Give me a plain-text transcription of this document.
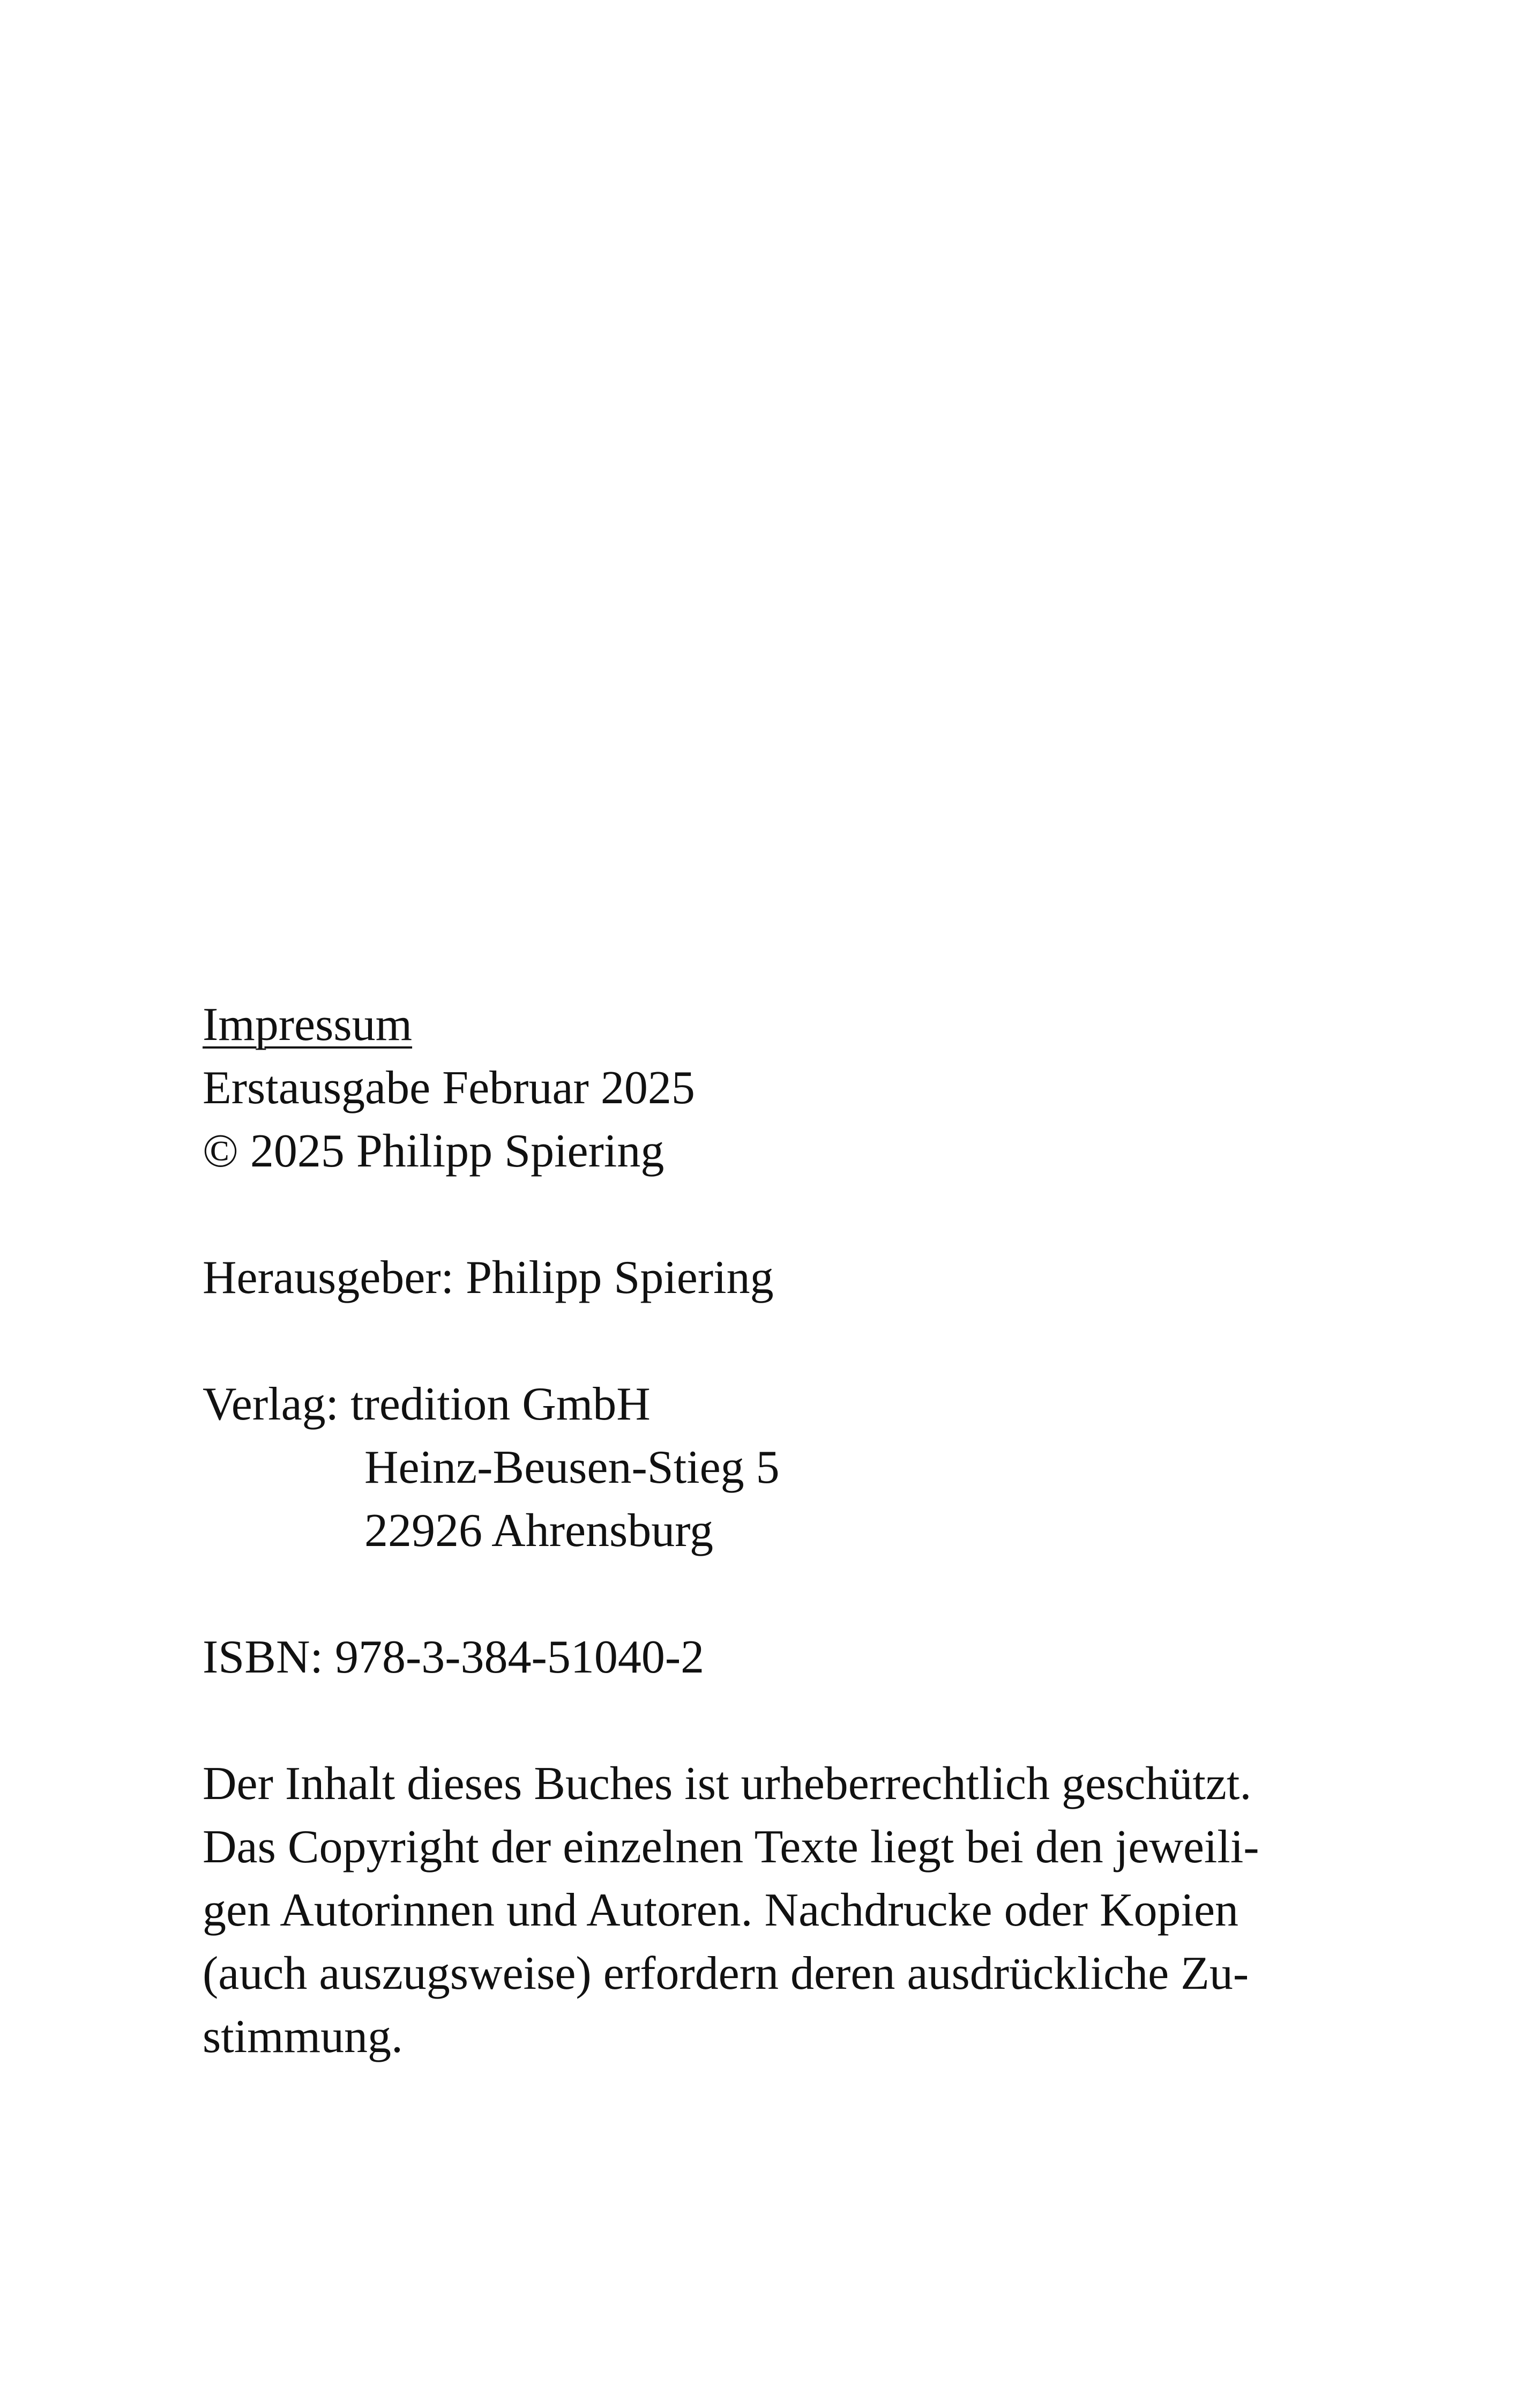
Impressum
Erstausgabe Februar 2025
© 2025 Philipp Spiering
Herausgeber: Philipp Spiering
Verlag: tredition GmbH
Heinz-Beusen-Stieg 5
22926 Ahrensburg
ISBN: 978-3-384-51040-2
Der Inhalt dieses Buches ist urheberrechtlich geschützt.
Das Copyright der einzelnen Texte liegt bei den jeweili-
gen Autorinnen und Autoren. Nachdrucke oder Kopien
(auch auszugsweise) erfordern deren ausdrückliche Zu-
stimmung.
